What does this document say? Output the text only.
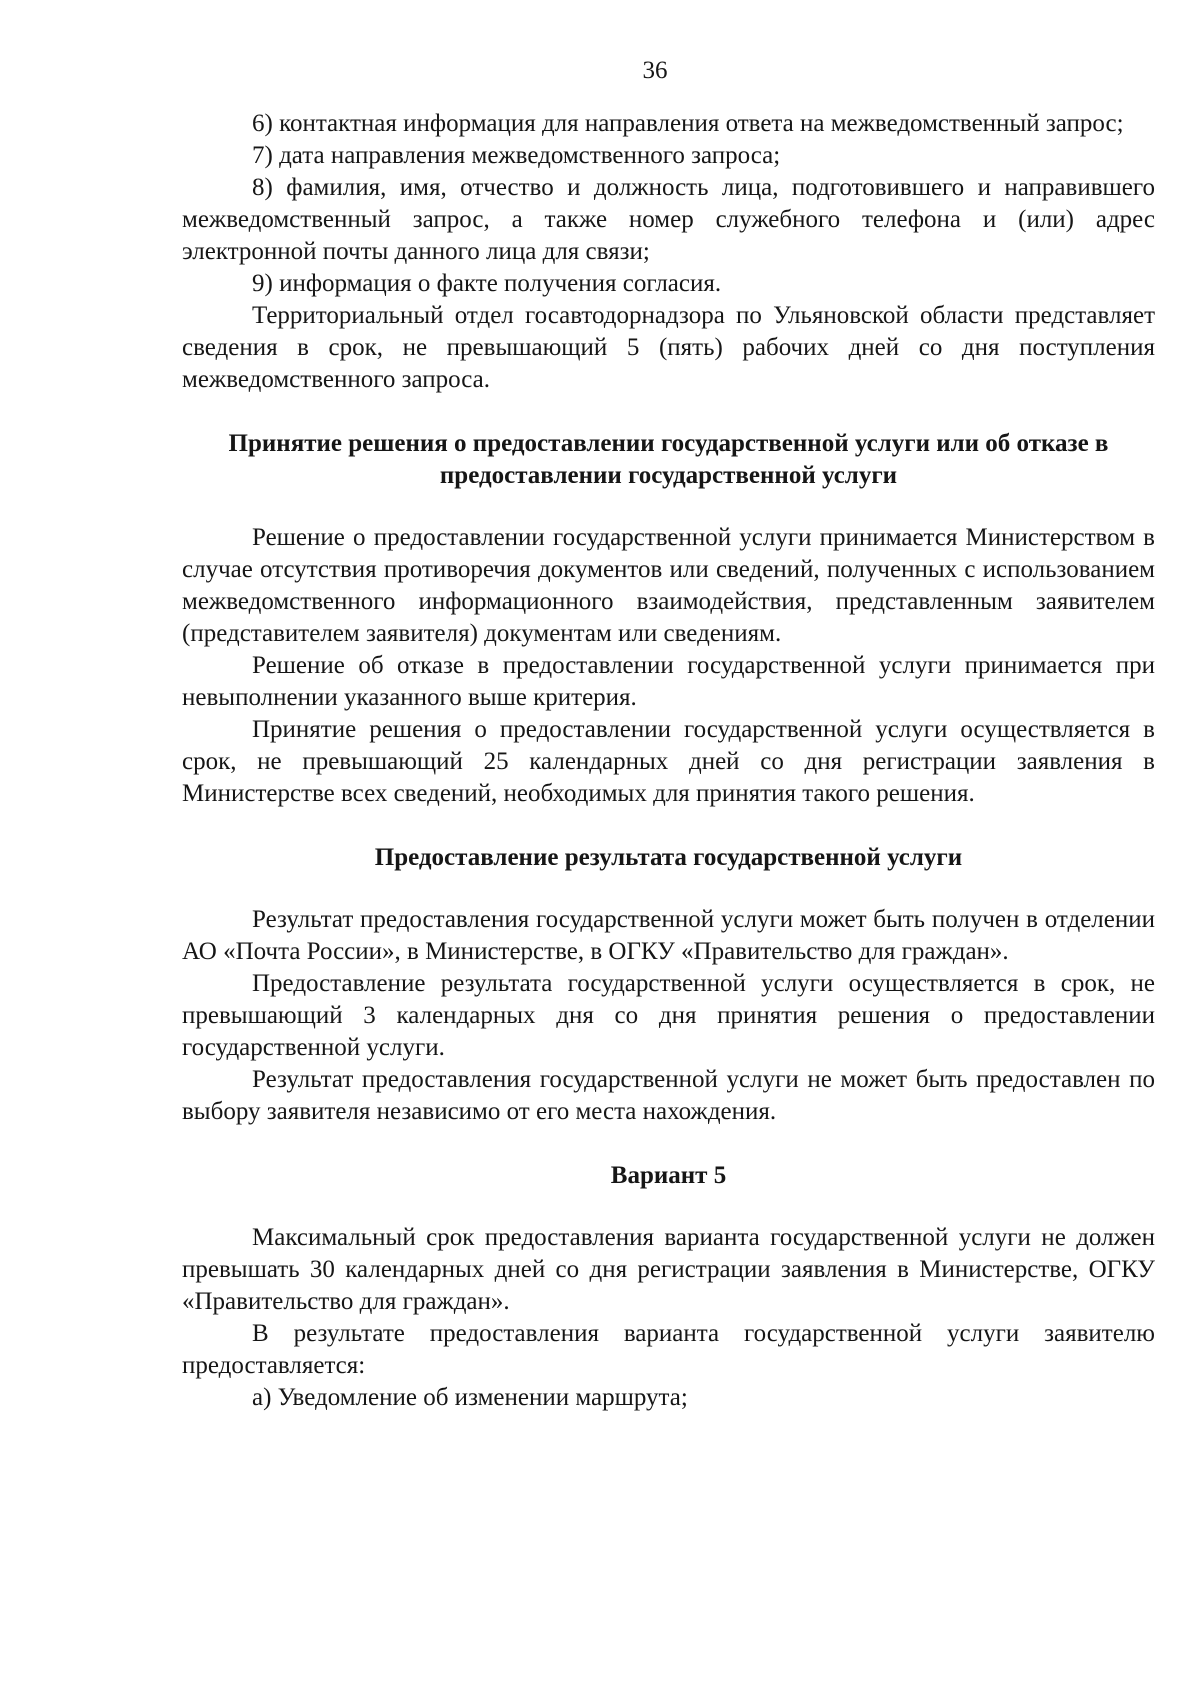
36

6) контактная информация для направления ответа на межведомственный запрос;

7) дата направления межведомственного запроса;

8) фамилия, имя, отчество и должность лица, подготовившего и направившего межведомственный запрос, а также номер служебного телефона и (или) адрес электронной почты данного лица для связи;

9) информация о факте получения согласия.

Территориальный отдел госавтодорнадзора по Ульяновской области представляет сведения в срок, не превышающий 5 (пять) рабочих дней со дня поступления межведомственного запроса.

Принятие решения о предоставлении государственной услуги или об отказе в предоставлении государственной услуги

Решение о предоставлении государственной услуги принимается Министерством в случае отсутствия противоречия документов или сведений, полученных с использованием межведомственного информационного взаимодействия, представленным заявителем (представителем заявителя) документам или сведениям.

Решение об отказе в предоставлении государственной услуги принимается при невыполнении указанного выше критерия.

Принятие решения о предоставлении государственной услуги осуществляется в срок, не превышающий 25 календарных дней со дня регистрации заявления в Министерстве всех сведений, необходимых для принятия такого решения.

Предоставление результата государственной услуги

Результат предоставления государственной услуги может быть получен в отделении АО «Почта России», в Министерстве, в ОГКУ «Правительство для граждан».

Предоставление результата государственной услуги осуществляется в срок, не превышающий 3 календарных дня со дня принятия решения о предоставлении государственной услуги.

Результат предоставления государственной услуги не может быть предоставлен по выбору заявителя независимо от его места нахождения.

Вариант 5

Максимальный срок предоставления варианта государственной услуги не должен превышать 30 календарных дней со дня регистрации заявления в Министерстве, ОГКУ «Правительство для граждан».

В результате предоставления варианта государственной услуги заявителю предоставляется:

а) Уведомление об изменении маршрута;
